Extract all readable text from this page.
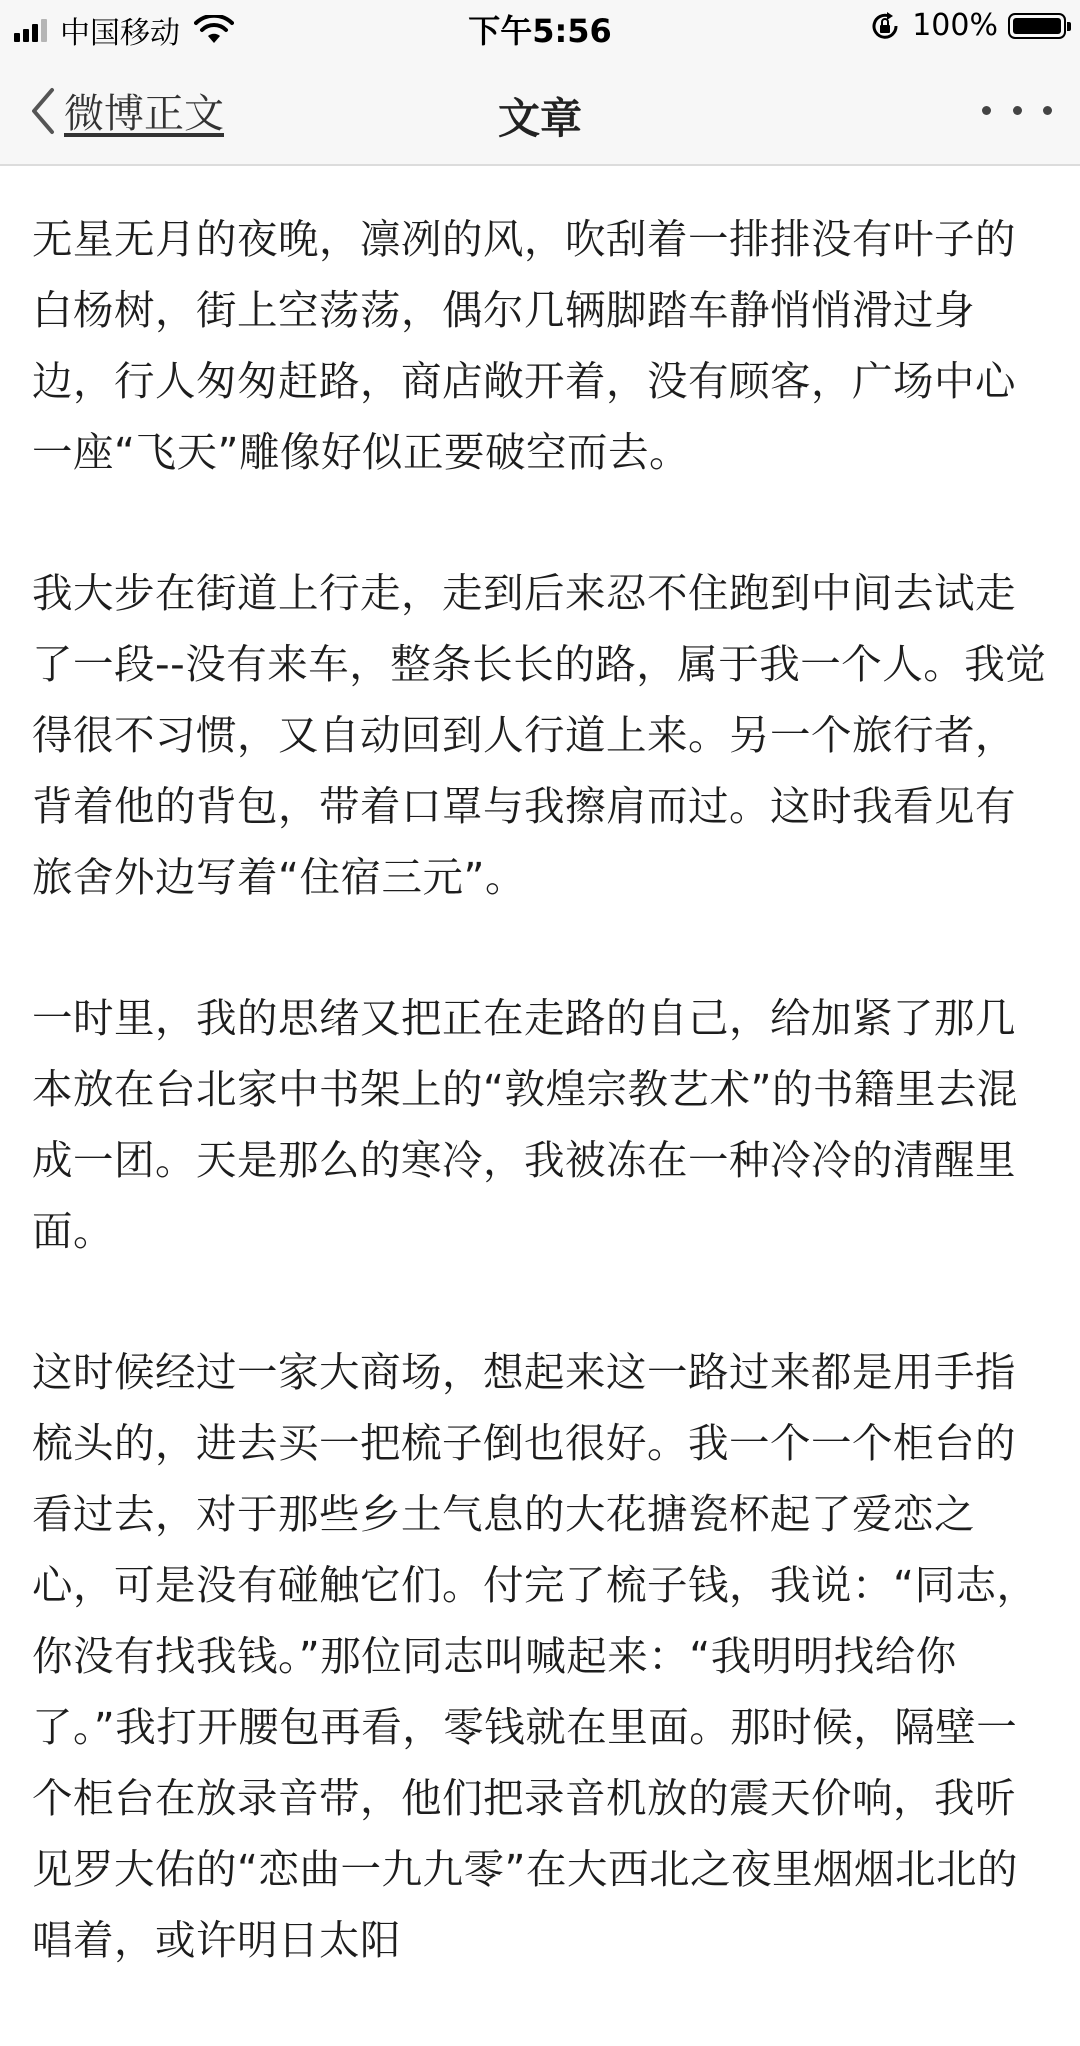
中国移动	下午5:56	100%
微博正文	文章

无星无月的夜晚，凛冽的风，吹刮着一排排没有叶子的白杨树，街上空荡荡，偶尔几辆脚踏车静悄悄滑过身边，行人匆匆赶路，商店敞开着，没有顾客，广场中心一座“飞天”雕像好似正要破空而去。

我大步在街道上行走，走到后来忍不住跑到中间去试走了一段--没有来车，整条长长的路，属于我一个人。我觉得很不习惯，又自动回到人行道上来。另一个旅行者，背着他的背包，带着口罩与我擦肩而过。这时我看见有旅舍外边写着“住宿三元”。

一时里，我的思绪又把正在走路的自己，给加紧了那几本放在台北家中书架上的“敦煌宗教艺术”的书籍里去混成一团。天是那么的寒冷，我被冻在一种冷冷的清醒里面。

这时候经过一家大商场，想起来这一路过来都是用手指梳头的，进去买一把梳子倒也很好。我一个一个柜台的看过去，对于那些乡土气息的大花搪瓷杯起了爱恋之心，可是没有碰触它们。付完了梳子钱，我说：“同志，你没有找我钱。”那位同志叫喊起来：“我明明找给你了。”我打开腰包再看，零钱就在里面。那时候，隔壁一个柜台在放录音带，他们把录音机放的震天价响，我听见罗大佑的“恋曲一九九零”在大西北之夜里烟烟北北的唱着，或许明日太阳
